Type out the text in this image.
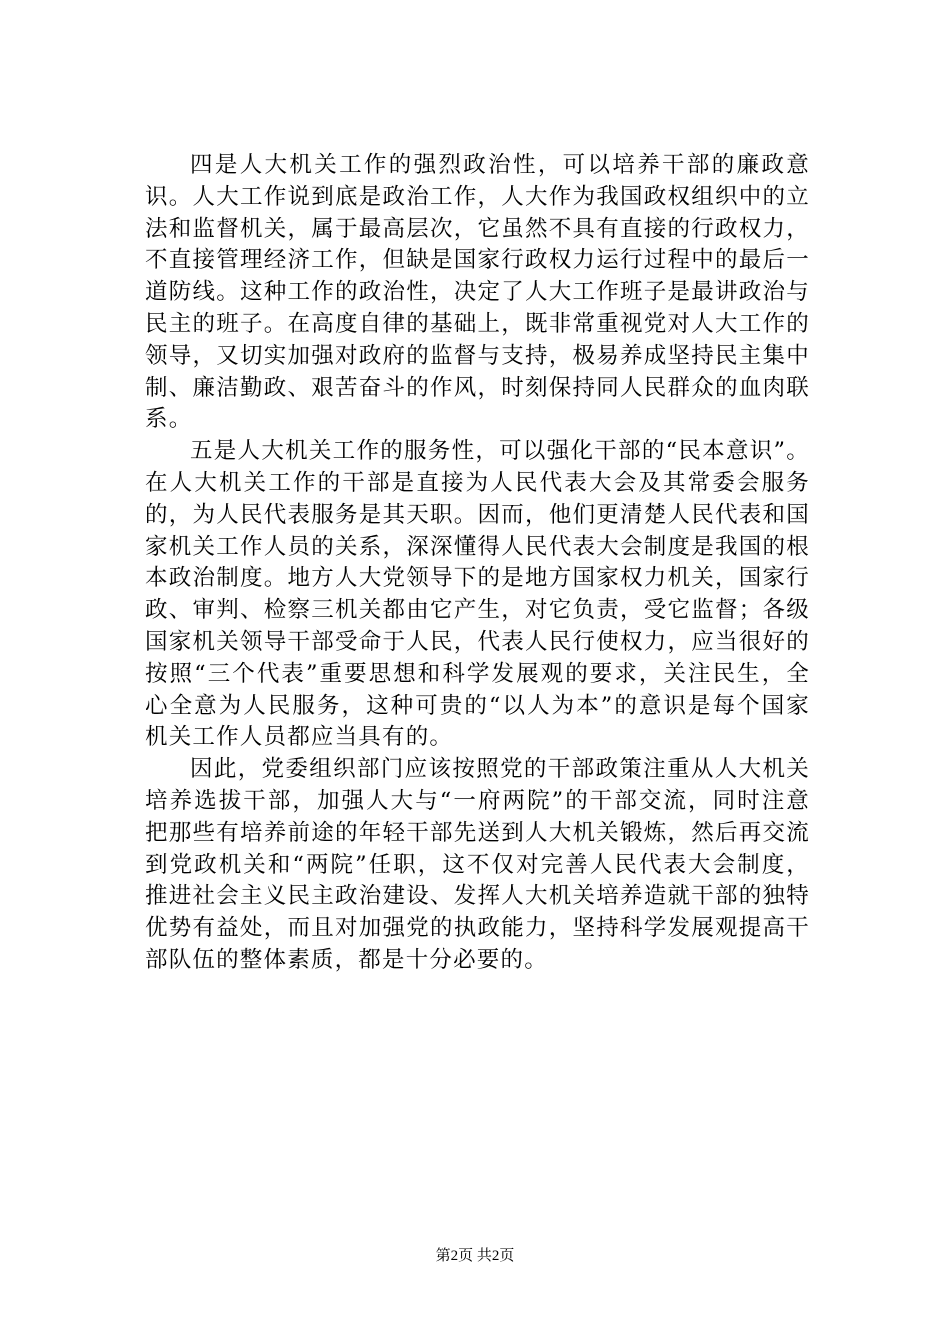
四是人大机关工作的强烈政治性，可以培养干部的廉政意识。人大工作说到底是政治工作，人大作为我国政权组织中的立法和监督机关，属于最高层次，它虽然不具有直接的行政权力，不直接管理经济工作，但缺是国家行政权力运行过程中的最后一道防线。这种工作的政治性，决定了人大工作班子是最讲政治与民主的班子。在高度自律的基础上，既非常重视党对人大工作的领导，又切实加强对政府的监督与支持，极易养成坚持民主集中制、廉洁勤政、艰苦奋斗的作风，时刻保持同人民群众的血肉联系。

五是人大机关工作的服务性，可以强化干部的“民本意识”。在人大机关工作的干部是直接为人民代表大会及其常委会服务的，为人民代表服务是其天职。因而，他们更清楚人民代表和国家机关工作人员的关系，深深懂得人民代表大会制度是我国的根本政治制度。地方人大党领导下的是地方国家权力机关，国家行政、审判、检察三机关都由它产生，对它负责，受它监督；各级国家机关领导干部受命于人民，代表人民行使权力，应当很好的按照“三个代表”重要思想和科学发展观的要求，关注民生，全心全意为人民服务，这种可贵的“以人为本”的意识是每个国家机关工作人员都应当具有的。

因此，党委组织部门应该按照党的干部政策注重从人大机关培养选拔干部，加强人大与“一府两院”的干部交流，同时注意把那些有培养前途的年轻干部先送到人大机关锻炼，然后再交流到党政机关和“两院”任职，这不仅对完善人民代表大会制度，推进社会主义民主政治建设、发挥人大机关培养造就干部的独特优势有益处，而且对加强党的执政能力，坚持科学发展观提高干部队伍的整体素质，都是十分必要的。

第2页 共2页
